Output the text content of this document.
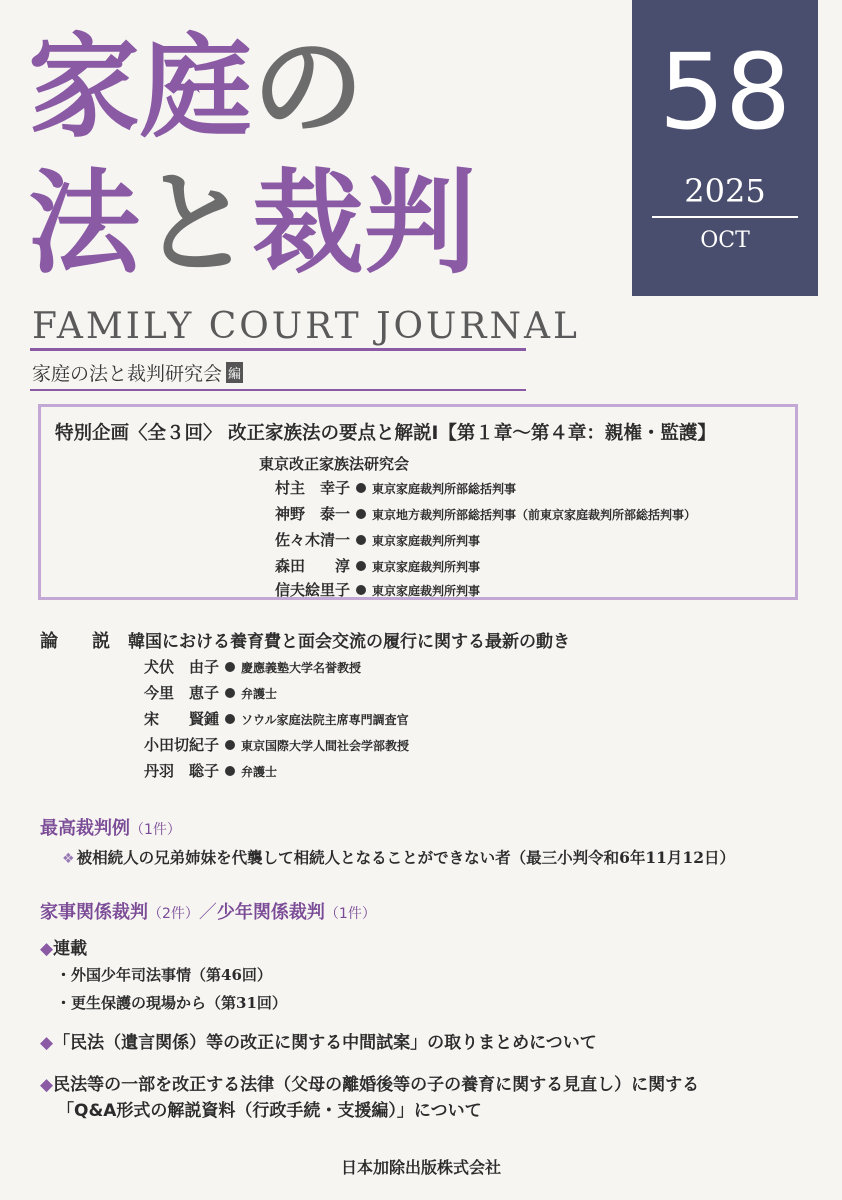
家庭の
法と裁判
FAMILY COURT JOURNAL
家庭の法と裁判研究会 編
58
2025
OCT
特別企画〈全３回〉 改正家族法の要点と解説Ⅰ【第１章～第４章：親権・監護】
東京改正家族法研究会
村主　幸子 東京家庭裁判所部総括判事
神野　泰一 東京地方裁判所部総括判事（前東京家庭裁判所部総括判事）
佐々木清一 東京家庭裁判所判事
森田　　淳 東京家庭裁判所判事
信夫絵里子 東京家庭裁判所判事
論　説 韓国における養育費と面会交流の履行に関する最新の動き
犬伏　由子 慶應義塾大学名誉教授
今里　恵子 弁護士
宋　　賢鍾 ソウル家庭法院主席専門調査官
小田切紀子 東京国際大学人間社会学部教授
丹羽　聡子 弁護士
最高裁判例（1件）
❖ 被相続人の兄弟姉妹を代襲して相続人となることができない者（最三小判令和6年11月12日）
家事関係裁判（2件）／少年関係裁判（1件）
◆連載
・外国少年司法事情（第46回）
・更生保護の現場から（第31回）
◆「民法（遺言関係）等の改正に関する中間試案」の取りまとめについて
◆民法等の一部を改正する法律（父母の離婚後等の子の養育に関する見直し）に関する
「Q&A形式の解説資料（行政手続・支援編）」について
日本加除出版株式会社
